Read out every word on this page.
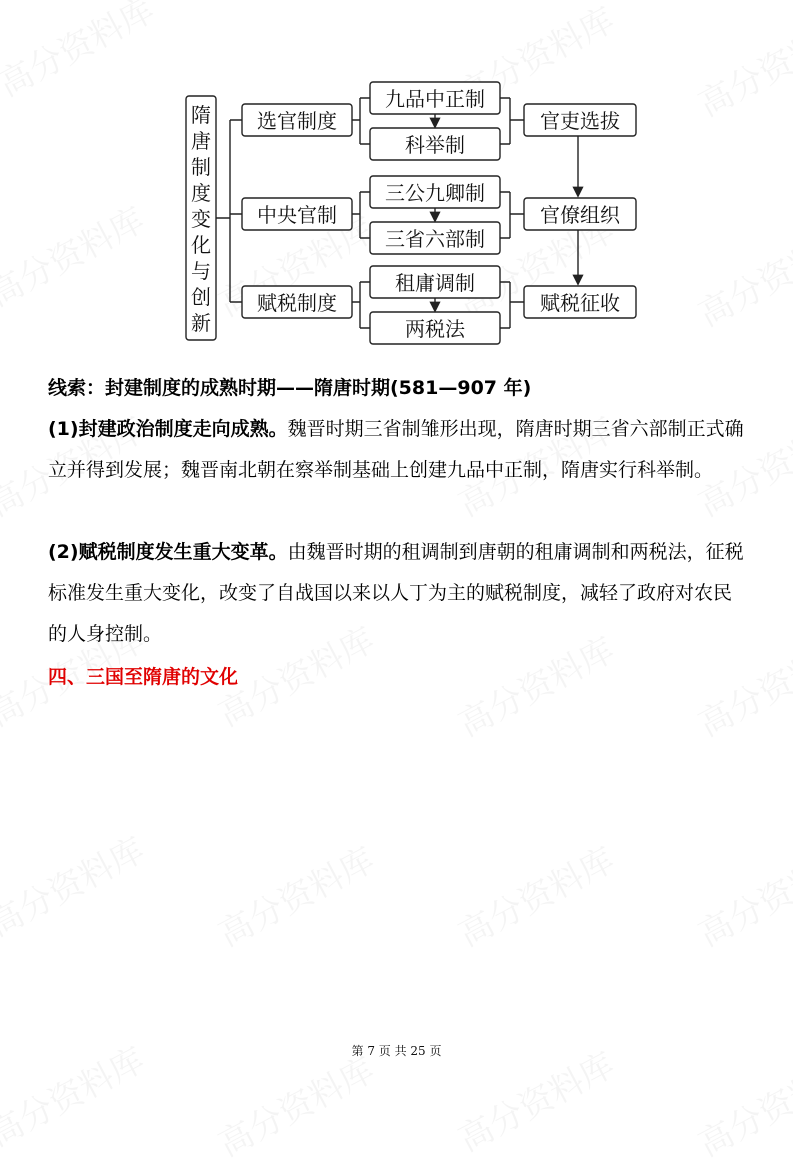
隋
唐
制
度
变
化
与
创
新
选官制度
中央官制
赋税制度
九品中正制
科举制
三公九卿制
三省六部制
租庸调制
两税法
官吏选拔
官僚组织
赋税征收
线索：封建制度的成熟时期——隋唐时期(581—907 年)
(1)封建政治制度走向成熟。魏晋时期三省制雏形出现，隋唐时期三省六部制正式确立并得到发展；魏晋南北朝在察举制基础上创建九品中正制，隋唐实行科举制。
(2)赋税制度发生重大变革。由魏晋时期的租调制到唐朝的租庸调制和两税法，征税标准发生重大变化，改变了自战国以来以人丁为主的赋税制度，减轻了政府对农民的人身控制。
四、三国至隋唐的文化
第 7 页 共 25 页
